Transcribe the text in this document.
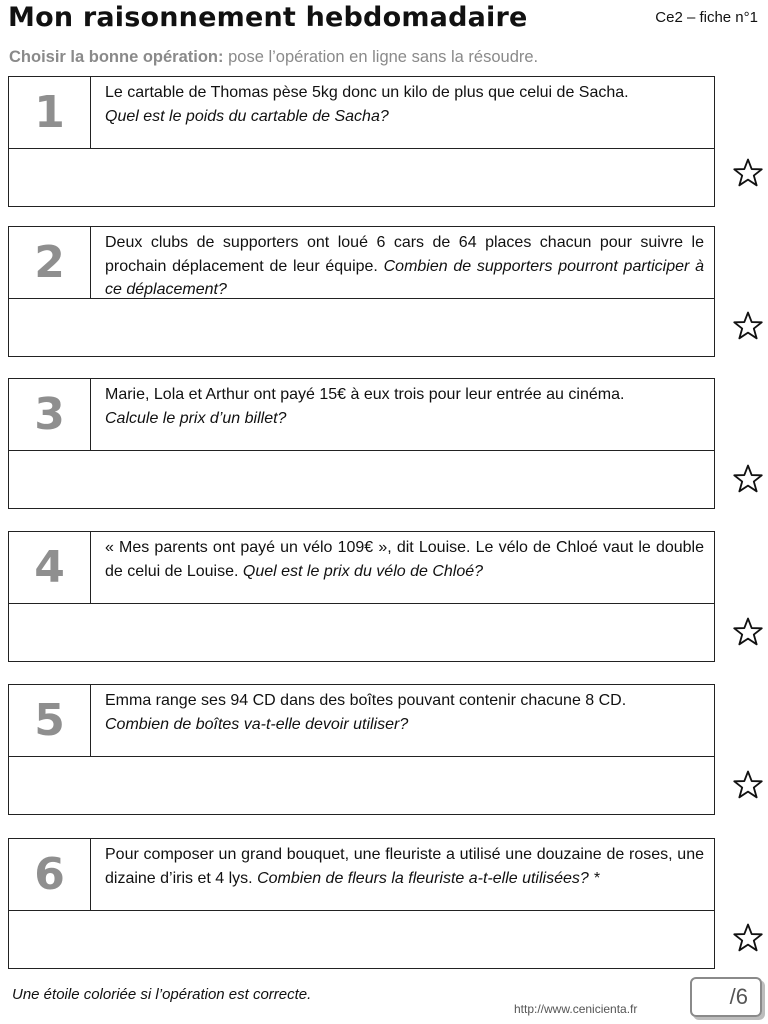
Mon raisonnement hebdomadaire	Ce2 – fiche n°1
Choisir la bonne opération: pose l’opération en ligne sans la résoudre.
1	Le cartable de Thomas pèse 5kg donc un kilo de plus que celui de Sacha.
Quel est le poids du cartable de Sacha?
2	Deux clubs de supporters ont loué 6 cars de 64 places chacun pour suivre le prochain déplacement de leur équipe. Combien de supporters pourront participer à ce déplacement?
3	Marie, Lola et Arthur ont payé 15€ à eux trois pour leur entrée au cinéma.
Calcule le prix d’un billet?
4	« Mes parents ont payé un vélo 109€ », dit Louise. Le vélo de Chloé vaut le double de celui de Louise. Quel est le prix du vélo de Chloé?
5	Emma range ses 94 CD dans des boîtes pouvant contenir chacune 8 CD.
Combien de boîtes va-t-elle devoir utiliser?
6	Pour composer un grand bouquet, une fleuriste a utilisé une douzaine de roses, une dizaine d’iris et 4 lys. Combien de fleurs la fleuriste a-t-elle utilisées? *
Une étoile coloriée si l’opération est correcte.
http://www.cenicienta.fr	/6
